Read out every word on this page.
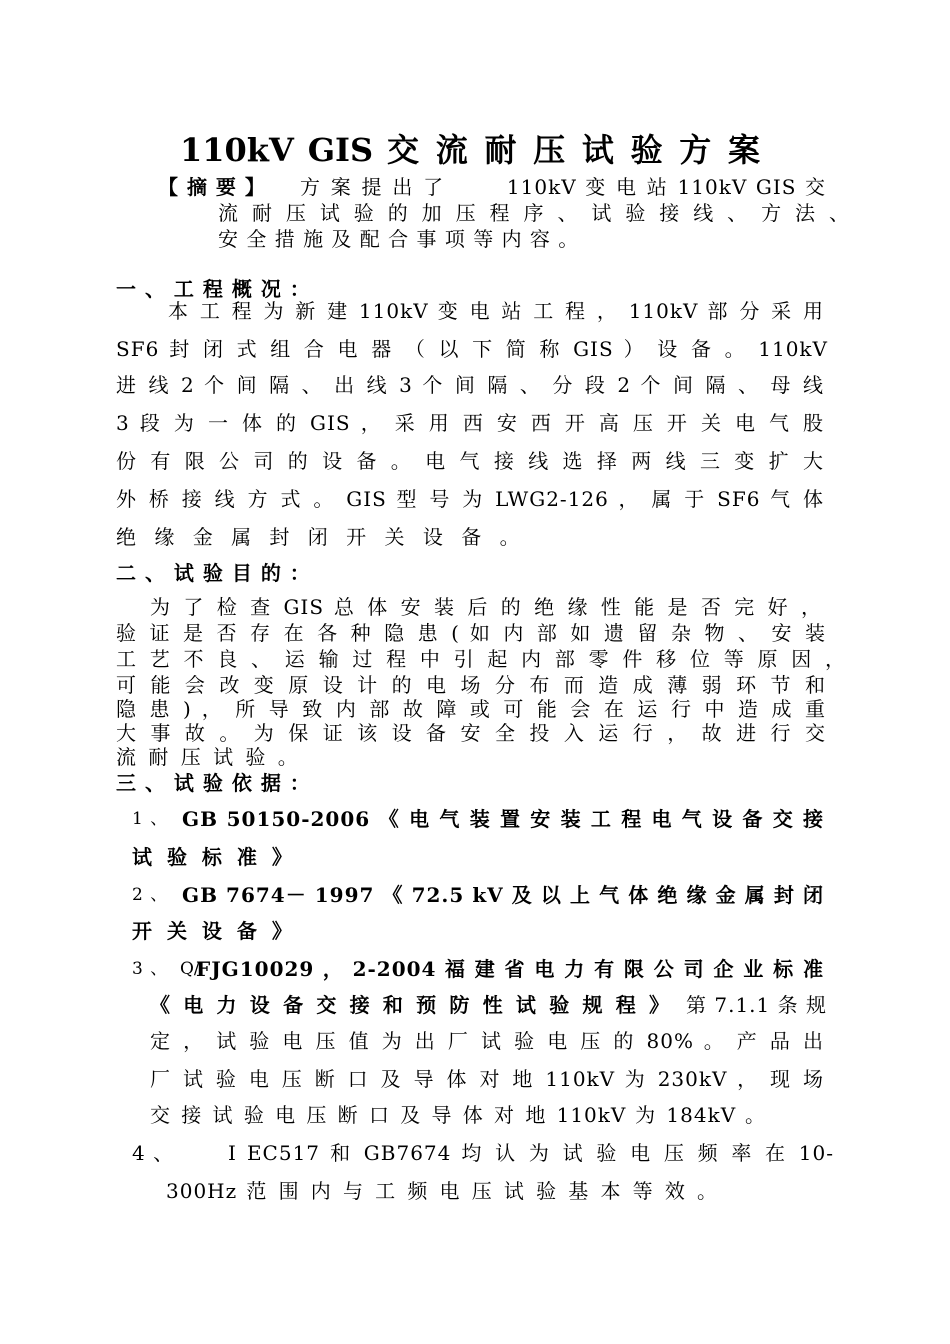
110kV GIS 交 流 耐 压 试 验 方 案
【 摘 要 】 方 案 提 出 了 　　 110kV 变 电 站 110kV GIS 交
流 耐 压 试 验 的 加 压 程 序 、 试 验 接 线 、 方 法 、
安 全 措 施 及 配 合 事 项 等 内 容 。
一 、 工 程 概 况 ：
本 工 程 为 新 建 110kV 变 电 站 工 程 ， 110kV 部 分 采 用
SF6 封 闭 式 组 合 电 器 （ 以 下 简 称 GIS ） 设 备 。 110kV
进 线 2 个 间 隔 、 出 线 3 个 间 隔 、 分 段 2 个 间 隔 、 母 线
3 段 为 一 体 的 GIS ， 采 用 西 安 西 开 高 压 开 关 电 气 股
份 有 限 公 司 的 设 备 。 电 气 接 线 选 择 两 线 三 变 扩 大
外 桥 接 线 方 式 。 GIS 型 号 为 LWG2-126 ， 属 于 SF6 气 体
绝 缘 金 属 封 闭 开 关 设 备 。
二 、 试 验 目 的 ：
为 了 检 查 GIS 总 体 安 装 后 的 绝 缘 性 能 是 否 完 好 ，
验 证 是 否 存 在 各 种 隐 患 ( 如 内 部 如 遗 留 杂 物 、 安 装
工 艺 不 良 、 运 输 过 程 中 引 起 内 部 零 件 移 位 等 原 因 ，
可 能 会 改 变 原 设 计 的 电 场 分 布 而 造 成 薄 弱 环 节 和
隐 患 ) ， 所 导 致 内 部 故 障 或 可 能 会 在 运 行 中 造 成 重
大 事 故 。 为 保 证 该 设 备 安 全 投 入 运 行 ， 故 进 行 交
流 耐 压 试 验 。
三 、 试 验 依 据 ：
1 、 GB 50150-2006 《 电 气 装 置 安 装 工 程 电 气 设 备 交 接
试 验 标 准 》
2 、 GB 7674－ 1997 《 72.5 kV 及 以 上 气 体 绝 缘 金 属 封 闭
开 关 设 备 》
3 、 Q/
FJG10029 ， 2-2004 福 建 省 电 力 有 限 公 司 企 业 标 准
《 电 力 设 备 交 接 和 预 防 性 试 验 规 程 》 第 7.1.1 条 规
定 ， 试 验 电 压 值 为 出 厂 试 验 电 压 的 80% 。 产 品 出
厂 试 验 电 压 断 口 及 导 体 对 地 110kV 为 230kV ， 现 场
交 接 试 验 电 压 断 口 及 导 体 对 地 110kV 为 184kV 。
4 、	I EC517 和 GB7674 均 认 为 试 验 电 压 频 率 在 10-
300Hz 范 围 内 与 工 频 电 压 试 验 基 本 等 效 。
